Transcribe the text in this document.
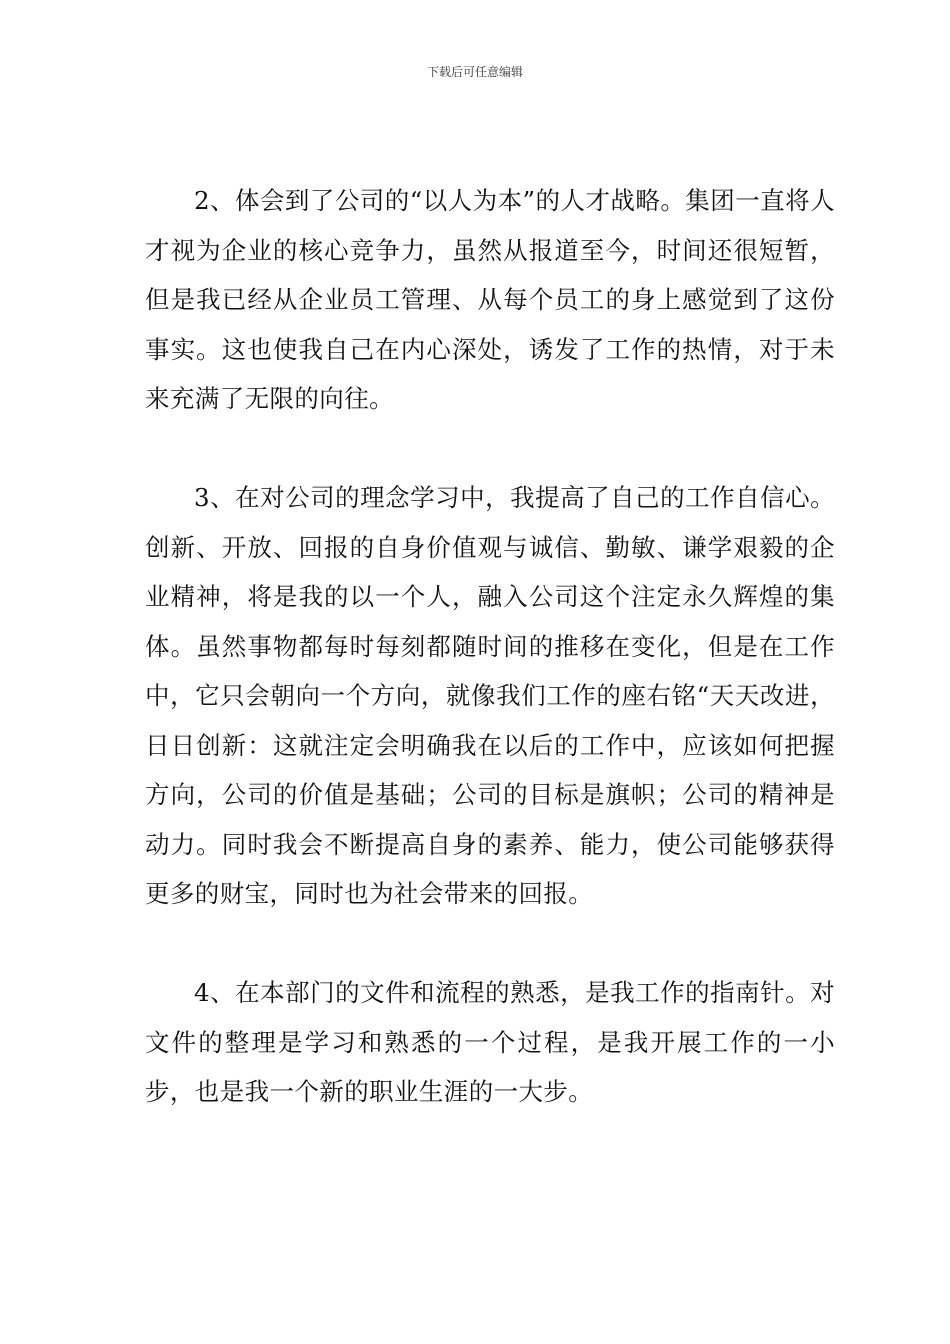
下载后可任意编辑

2、体会到了公司的“以人为本”的人才战略。集团一直将人才视为企业的核心竞争力，虽然从报道至今，时间还很短暂，但是我已经从企业员工管理、从每个员工的身上感觉到了这份事实。这也使我自己在内心深处，诱发了工作的热情，对于未来充满了无限的向往。

3、在对公司的理念学习中，我提高了自己的工作自信心。创新、开放、回报的自身价值观与诚信、勤敏、谦学艰毅的企业精神，将是我的以一个人，融入公司这个注定永久辉煌的集体。虽然事物都每时每刻都随时间的推移在变化，但是在工作中，它只会朝向一个方向，就像我们工作的座右铭“天天改进，日日创新：这就注定会明确我在以后的工作中，应该如何把握方向，公司的价值是基础；公司的目标是旗帜；公司的精神是动力。同时我会不断提高自身的素养、能力，使公司能够获得更多的财宝，同时也为社会带来的回报。

4、在本部门的文件和流程的熟悉，是我工作的指南针。对文件的整理是学习和熟悉的一个过程，是我开展工作的一小步，也是我一个新的职业生涯的一大步。
